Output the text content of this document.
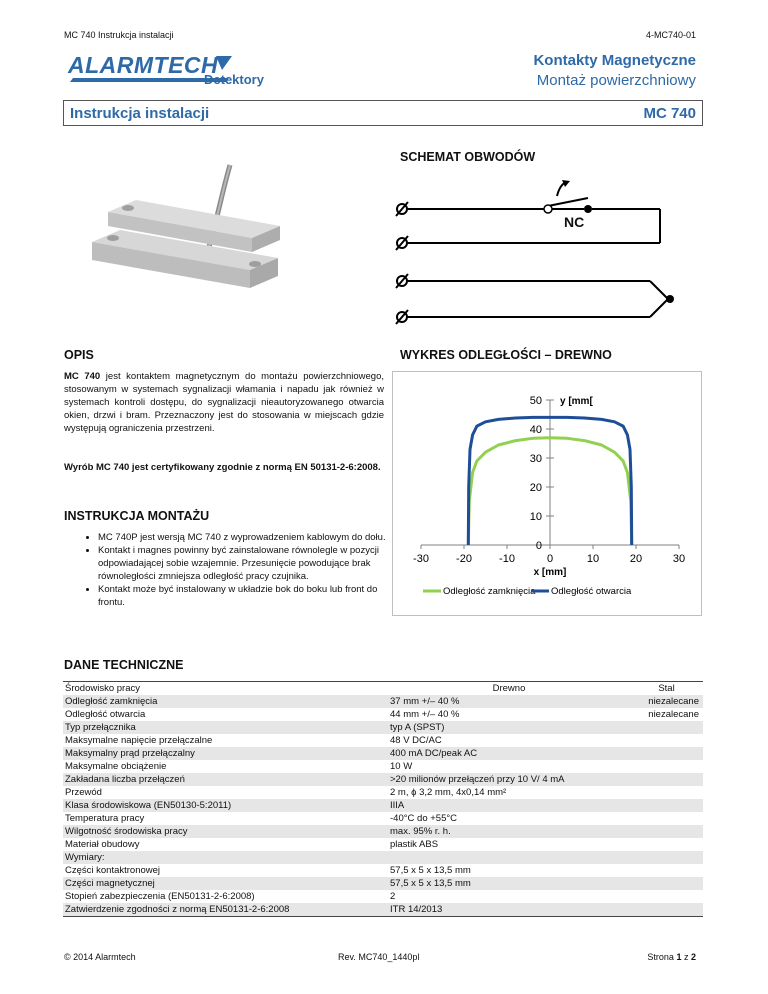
MC 740 Instrukcja instalacji	4-MC740-01
ALARMTECH
Detektory
Kontakty Magnetyczne
Montaż powierzchniowy
Instrukcja instalacji	MC 740
SCHEMAT OBWODÓW
NC
OPIS
MC 740 jest kontaktem magnetycznym do montażu powierzchniowego, stosowanym w systemach sygnalizacji włamania i napadu jak również w systemach kontroli dostępu, do sygnalizacji nieautoryzowanego otwarcia okien, drzwi i bram. Przeznaczony jest do stosowania w miejscach gdzie występują ograniczenia przestrzeni.
Wyrób MC 740 jest certyfikowany zgodnie z normą EN 50131-2-6:2008.
INSTRUKCJA MONTAŻU
• MC 740P jest wersją MC 740 z wyprowadzeniem kablowym do dołu.
• Kontakt i magnes powinny być zainstalowane równolegle w pozycji odpowiadającej sobie wzajemnie. Przesunięcie powodujące brak równoległości zmniejsza odległość pracy czujnika.
• Kontakt może być instalowany w układzie bok do boku lub front do frontu.
WYKRES ODLEGŁOŚCI – DREWNO
0
10
20
30
40
50
-30 -20 -10	0	10	20	30
y [mm[
x [mm]
Odległość zamknięcia Odległość otwarcia
DANE TECHNICZNE
Środowisko pracy	Drewno	Stal
Odległość zamknięcia	37 mm +/– 40 %	niezalecane
Odległość otwarcia	44 mm +/– 40 %	niezalecane
Typ przełącznika	typ A (SPST)	
Maksymalne napięcie przełączalne	48 V DC/AC	
Maksymalny prąd przełączalny	400 mA DC/peak AC	
Maksymalne obciążenie	10 W	
Zakładana liczba przełączeń	>20 milionów przełączeń przy 10 V/ 4 mA	
Przewód	2 m, ϕ 3,2 mm, 4x0,14 mm²	
Klasa środowiskowa (EN50130-5:2011)	IIIA	
Temperatura pracy	-40°C do +55°C	
Wilgotność środowiska pracy	max. 95% r. h.	
Materiał obudowy	plastik ABS	
Wymiary:		
Części kontaktronowej	57,5 x 5 x 13,5 mm	
Części magnetycznej	57,5 x 5 x 13,5 mm	
Stopień zabezpieczenia (EN50131-2-6:2008)	2	
Zatwierdzenie zgodności z normą EN50131-2-6:2008	ITR 14/2013	
© 2014 Alarmtech	Rev. MC740_1440pl	Strona 1 z 2
